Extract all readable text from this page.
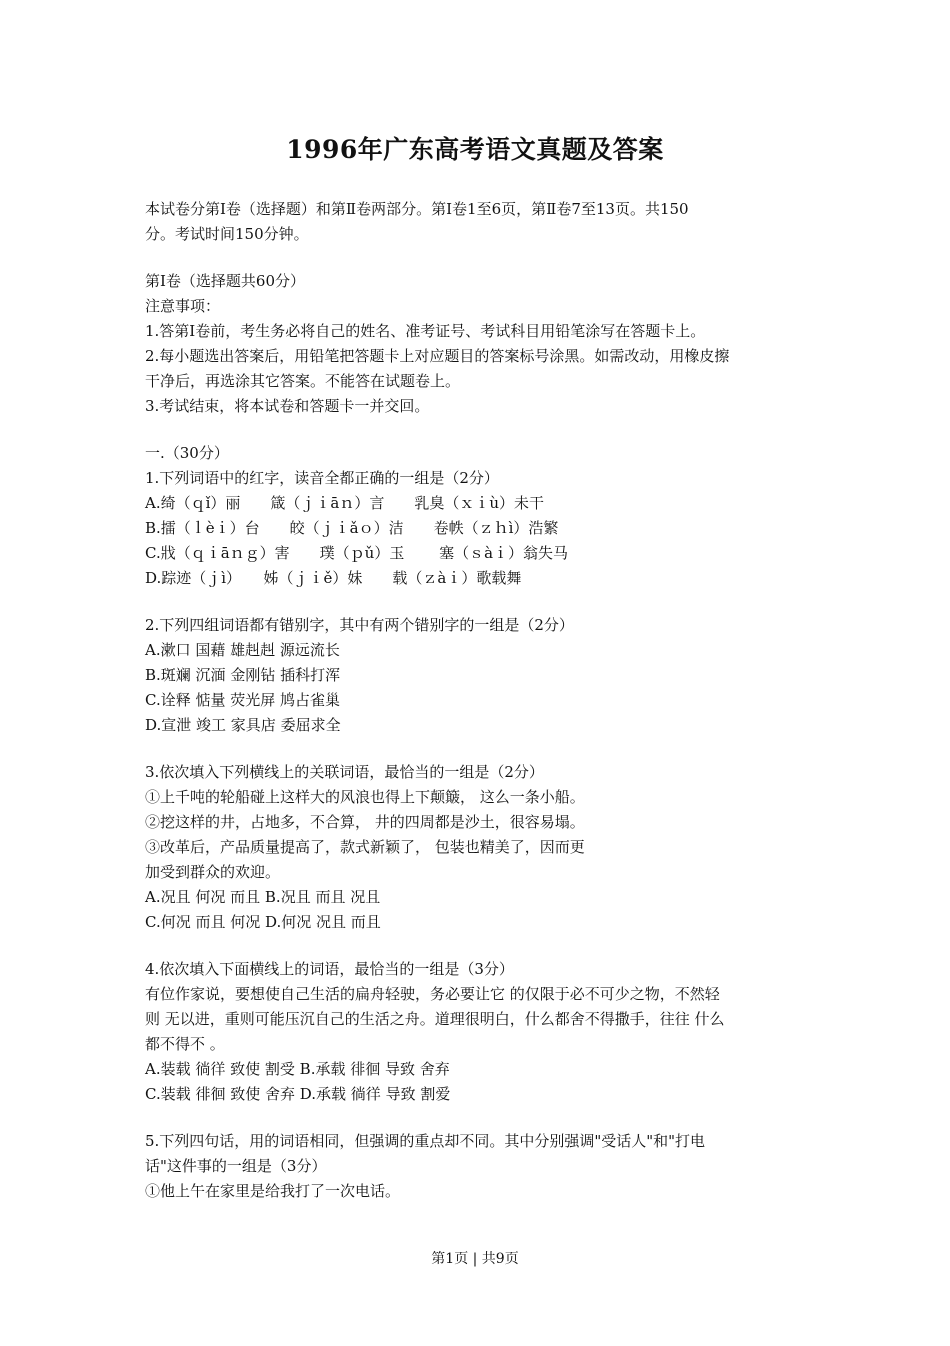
1996年广东高考语文真题及答案

本试卷分第Ⅰ卷（选择题）和第Ⅱ卷两部分。第Ⅰ卷1至6页，第Ⅱ卷7至13页。共150

分。考试时间150分钟。

第Ⅰ卷（选择题共60分）

注意事项：

1.答第Ⅰ卷前，考生务必将自己的姓名、准考证号、考试科目用铅笔涂写在答题卡上。

2.每小题选出答案后，用铅笔把答题卡上对应题目的答案标号涂黑。如需改动，用橡皮擦

干净后，再选涂其它答案。不能答在试题卷上。

3.考试结束，将本试卷和答题卡一并交回。

一.（30分）

1.下列词语中的红字，读音全都正确的一组是（2分）

A.绮（ｑǐ）丽　　箴（ｊｉāｎ）言　　乳臭（ｘｉù）未干

B.擂（ｌèｉ）台　　皎（ｊｉǎｏ）洁　　卷帙（ｚｈì）浩繁

C.戕（ｑｉāｎｇ）害　　璞（ｐǔ）玉　　 塞（ｓàｉ）翁失马

D.踪迹（ｊì）　　姊（ｊｉě）妹　　载（ｚàｉ）歌载舞

2.下列四组词语都有错别字，其中有两个错别字的一组是（2分）

A.漱口 国藉 雄赳赳 源远流长

B.斑斓 沉湎 金刚钻 插科打浑

C.诠释 惦量 荧光屏 鸠占雀巢

D.宣泄 竣工 家具店 委屈求全

3.依次填入下列横线上的关联词语，最恰当的一组是（2分）

①上千吨的轮船碰上这样大的风浪也得上下颠簸， 这么一条小船。

②挖这样的井，占地多，不合算， 井的四周都是沙土，很容易塌。

③改革后，产品质量提高了，款式新颖了， 包装也精美了，因而更

加受到群众的欢迎。

A.况且 何况 而且 B.况且 而且 况且

C.何况 而且 何况 D.何况 况且 而且

4.依次填入下面横线上的词语，最恰当的一组是（3分）

有位作家说，要想使自己生活的扁舟轻驶，务必要让它 的仅限于必不可少之物，不然轻

则 无以进，重则可能压沉自己的生活之舟。道理很明白，什么都舍不得撒手，往往 什么

都不得不 。

A.装载 徜徉 致使 割受 B.承载 徘徊 导致 舍弃

C.装载 徘徊 致使 舍弃 D.承载 徜徉 导致 割爱

5.下列四句话，用的词语相同，但强调的重点却不同。其中分别强调"受话人"和"打电

话"这件事的一组是（3分）

①他上午在家里是给我打了一次电话。

第1页 | 共9页
